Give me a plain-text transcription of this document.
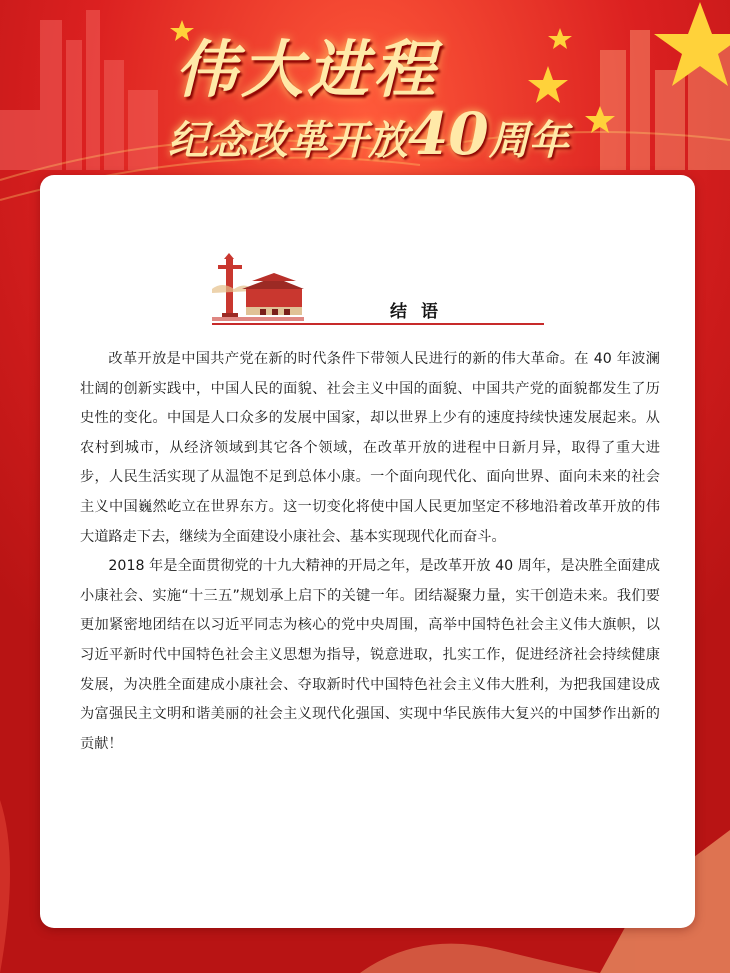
伟大进程
纪念改革开放40周年
结语

改革开放是中国共产党在新的时代条件下带领人民进行的新的伟大革命。在 40 年波澜壮阔的创新实践中，中国人民的面貌、社会主义中国的面貌、中国共产党的面貌都发生了历史性的变化。中国是人口众多的发展中国家，却以世界上少有的速度持续快速发展起来。从农村到城市，从经济领域到其它各个领域，在改革开放的进程中日新月异，取得了重大进步，人民生活实现了从温饱不足到总体小康。一个面向现代化、面向世界、面向未来的社会主义中国巍然屹立在世界东方。这一切变化将使中国人民更加坚定不移地沿着改革开放的伟大道路走下去，继续为全面建设小康社会、基本实现现代化而奋斗。

2018 年是全面贯彻党的十九大精神的开局之年，是改革开放 40 周年，是决胜全面建成小康社会、实施“十三五”规划承上启下的关键一年。团结凝聚力量，实干创造未来。我们要更加紧密地团结在以习近平同志为核心的党中央周围，高举中国特色社会主义伟大旗帜，以习近平新时代中国特色社会主义思想为指导，锐意进取，扎实工作，促进经济社会持续健康发展，为决胜全面建成小康社会、夺取新时代中国特色社会主义伟大胜利，为把我国建设成为富强民主文明和谐美丽的社会主义现代化强国、实现中华民族伟大复兴的中国梦作出新的贡献！
